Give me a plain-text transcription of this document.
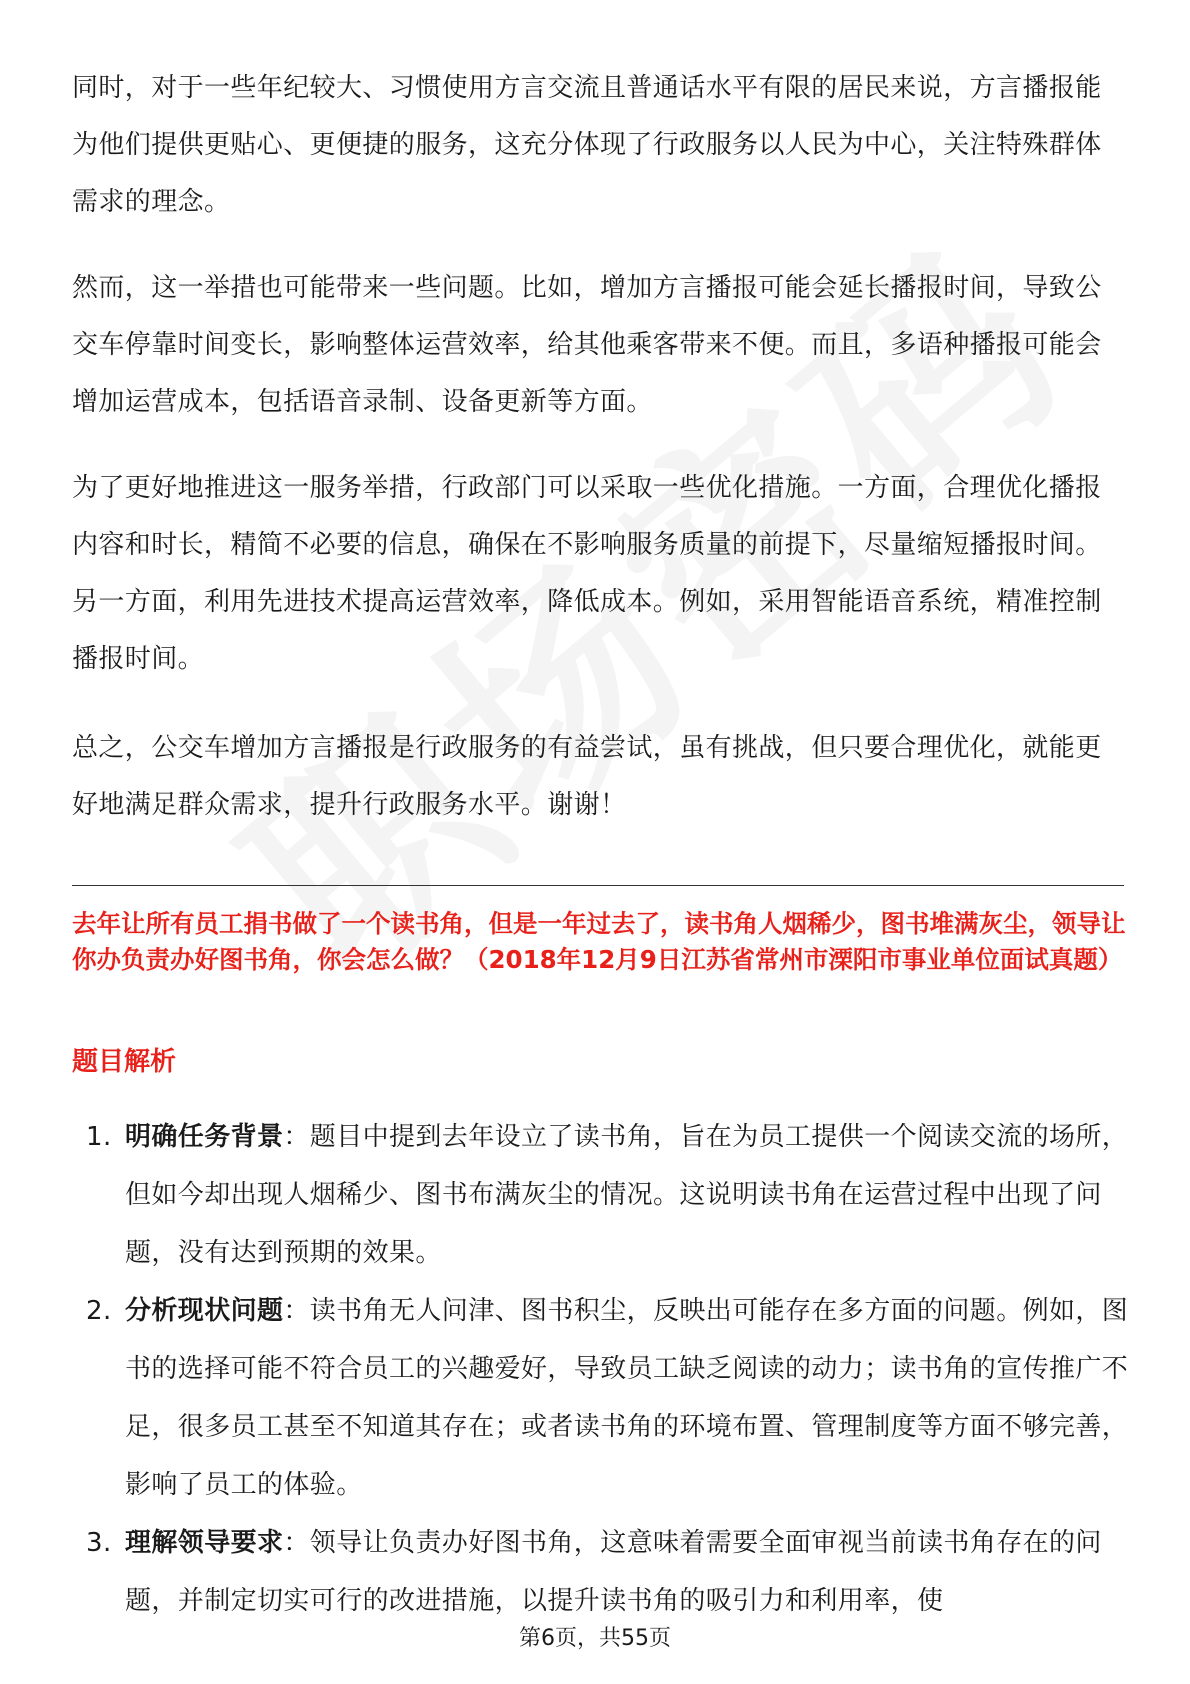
同时，对于一些年纪较大、习惯使用方言交流且普通话水平有限的居民来说，方言播报能为他们提供更贴心、更便捷的服务，这充分体现了行政服务以人民为中心，关注特殊群体需求的理念。

然而，这一举措也可能带来一些问题。比如，增加方言播报可能会延长播报时间，导致公交车停靠时间变长，影响整体运营效率，给其他乘客带来不便。而且，多语种播报可能会增加运营成本，包括语音录制、设备更新等方面。

为了更好地推进这一服务举措，行政部门可以采取一些优化措施。一方面，合理优化播报内容和时长，精简不必要的信息，确保在不影响服务质量的前提下，尽量缩短播报时间。另一方面，利用先进技术提高运营效率，降低成本。例如，采用智能语音系统，精准控制播报时间。

总之，公交车增加方言播报是行政服务的有益尝试，虽有挑战，但只要合理优化，就能更好地满足群众需求，提升行政服务水平。谢谢！

去年让所有员工捐书做了一个读书角，但是一年过去了，读书角人烟稀少，图书堆满灰尘，领导让你办负责办好图书角，你会怎么做？（2018年12月9日江苏省常州市溧阳市事业单位面试真题）

题目解析

1. 明确任务背景：题目中提到去年设立了读书角，旨在为员工提供一个阅读交流的场所，但如今却出现人烟稀少、图书布满灰尘的情况。这说明读书角在运营过程中出现了问题，没有达到预期的效果。
2. 分析现状问题：读书角无人问津、图书积尘，反映出可能存在多方面的问题。例如，图书的选择可能不符合员工的兴趣爱好，导致员工缺乏阅读的动力；读书角的宣传推广不足，很多员工甚至不知道其存在；或者读书角的环境布置、管理制度等方面不够完善，影响了员工的体验。
3. 理解领导要求：领导让负责办好图书角，这意味着需要全面审视当前读书角存在的问题，并制定切实可行的改进措施，以提升读书角的吸引力和利用率，使
第6页，共55页
